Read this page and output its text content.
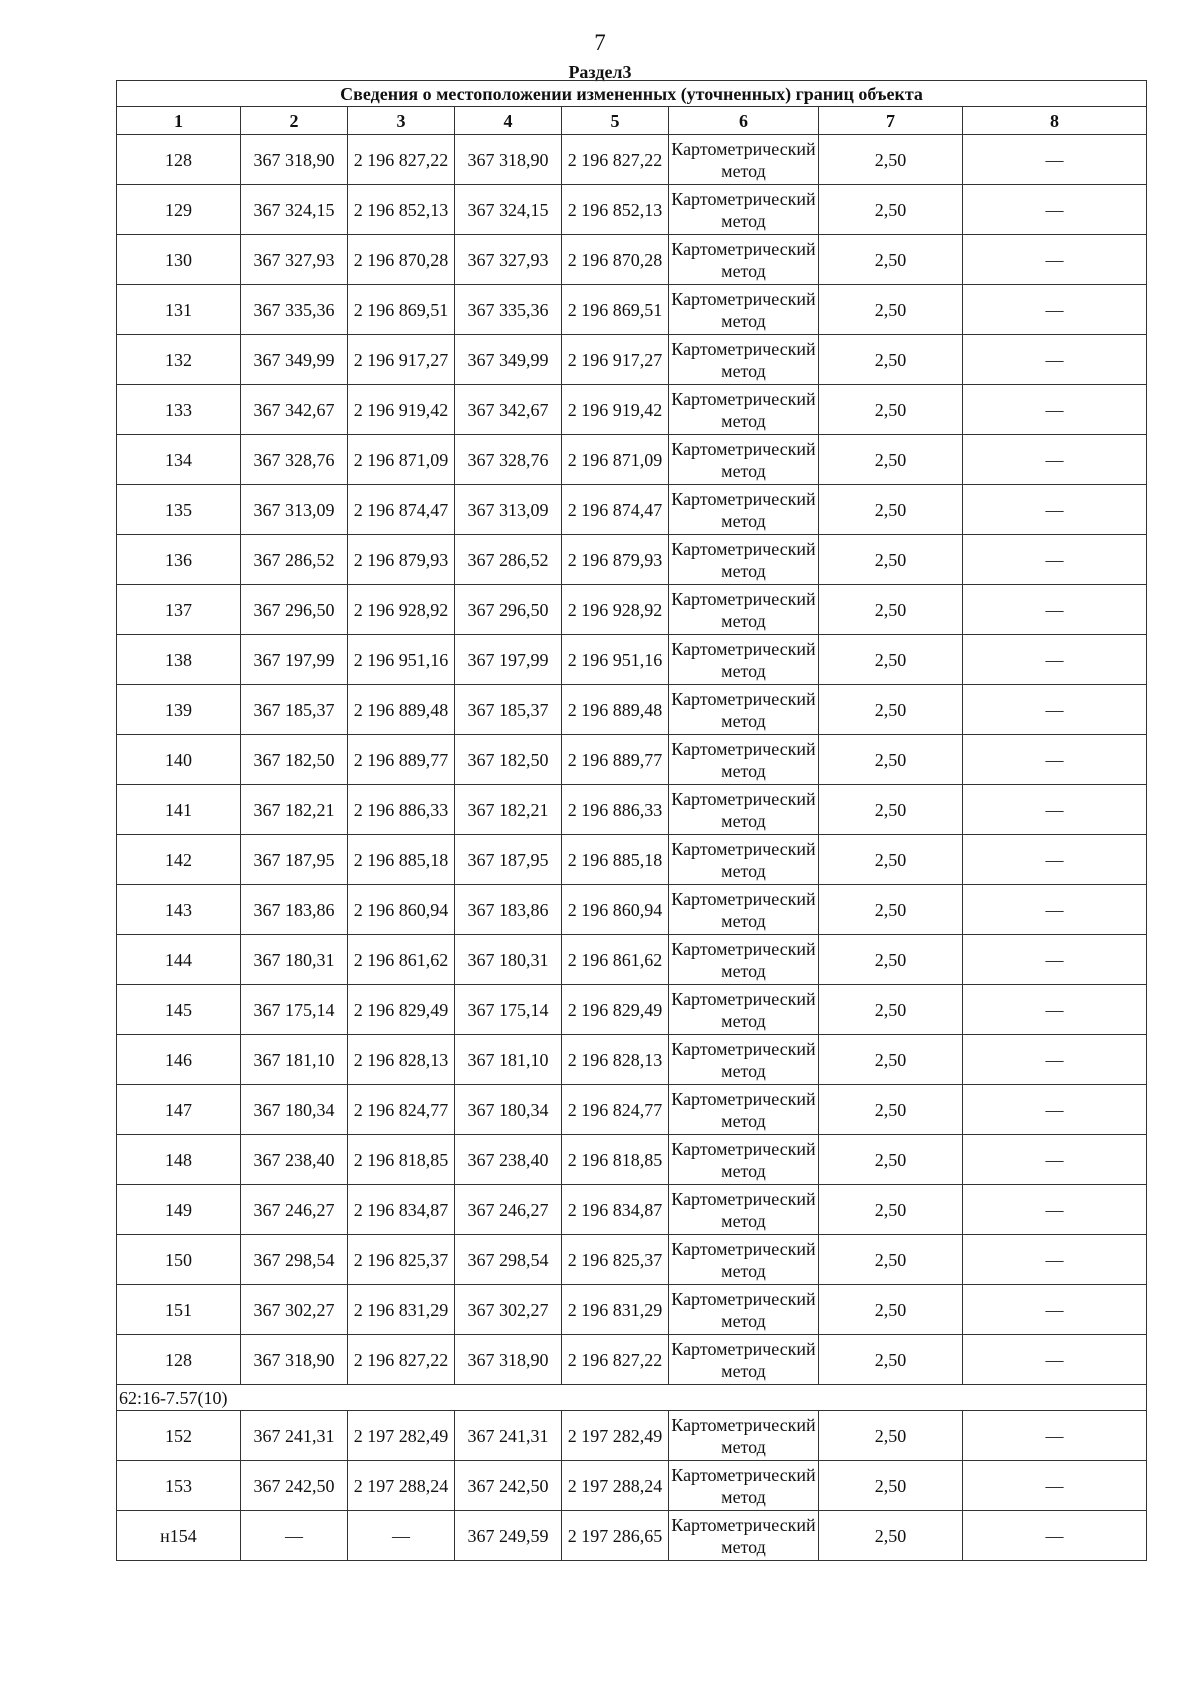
7
Раздел3
Сведения о местоположении измененных (уточненных) границ объекта							
1	2	3	4	5	6	7	8
128	367 318,90	2 196 827,22	367 318,90	2 196 827,22	Картометрический метод	2,50	—
129	367 324,15	2 196 852,13	367 324,15	2 196 852,13	Картометрический метод	2,50	—
130	367 327,93	2 196 870,28	367 327,93	2 196 870,28	Картометрический метод	2,50	—
131	367 335,36	2 196 869,51	367 335,36	2 196 869,51	Картометрический метод	2,50	—
132	367 349,99	2 196 917,27	367 349,99	2 196 917,27	Картометрический метод	2,50	—
133	367 342,67	2 196 919,42	367 342,67	2 196 919,42	Картометрический метод	2,50	—
134	367 328,76	2 196 871,09	367 328,76	2 196 871,09	Картометрический метод	2,50	—
135	367 313,09	2 196 874,47	367 313,09	2 196 874,47	Картометрический метод	2,50	—
136	367 286,52	2 196 879,93	367 286,52	2 196 879,93	Картометрический метод	2,50	—
137	367 296,50	2 196 928,92	367 296,50	2 196 928,92	Картометрический метод	2,50	—
138	367 197,99	2 196 951,16	367 197,99	2 196 951,16	Картометрический метод	2,50	—
139	367 185,37	2 196 889,48	367 185,37	2 196 889,48	Картометрический метод	2,50	—
140	367 182,50	2 196 889,77	367 182,50	2 196 889,77	Картометрический метод	2,50	—
141	367 182,21	2 196 886,33	367 182,21	2 196 886,33	Картометрический метод	2,50	—
142	367 187,95	2 196 885,18	367 187,95	2 196 885,18	Картометрический метод	2,50	—
143	367 183,86	2 196 860,94	367 183,86	2 196 860,94	Картометрический метод	2,50	—
144	367 180,31	2 196 861,62	367 180,31	2 196 861,62	Картометрический метод	2,50	—
145	367 175,14	2 196 829,49	367 175,14	2 196 829,49	Картометрический метод	2,50	—
146	367 181,10	2 196 828,13	367 181,10	2 196 828,13	Картометрический метод	2,50	—
147	367 180,34	2 196 824,77	367 180,34	2 196 824,77	Картометрический метод	2,50	—
148	367 238,40	2 196 818,85	367 238,40	2 196 818,85	Картометрический метод	2,50	—
149	367 246,27	2 196 834,87	367 246,27	2 196 834,87	Картометрический метод	2,50	—
150	367 298,54	2 196 825,37	367 298,54	2 196 825,37	Картометрический метод	2,50	—
151	367 302,27	2 196 831,29	367 302,27	2 196 831,29	Картометрический метод	2,50	—
128	367 318,90	2 196 827,22	367 318,90	2 196 827,22	Картометрический метод	2,50	—
62:16-7.57(10)							
152	367 241,31	2 197 282,49	367 241,31	2 197 282,49	Картометрический метод	2,50	—
153	367 242,50	2 197 288,24	367 242,50	2 197 288,24	Картометрический метод	2,50	—
н154	—	—	367 249,59	2 197 286,65	Картометрический метод	2,50	—
